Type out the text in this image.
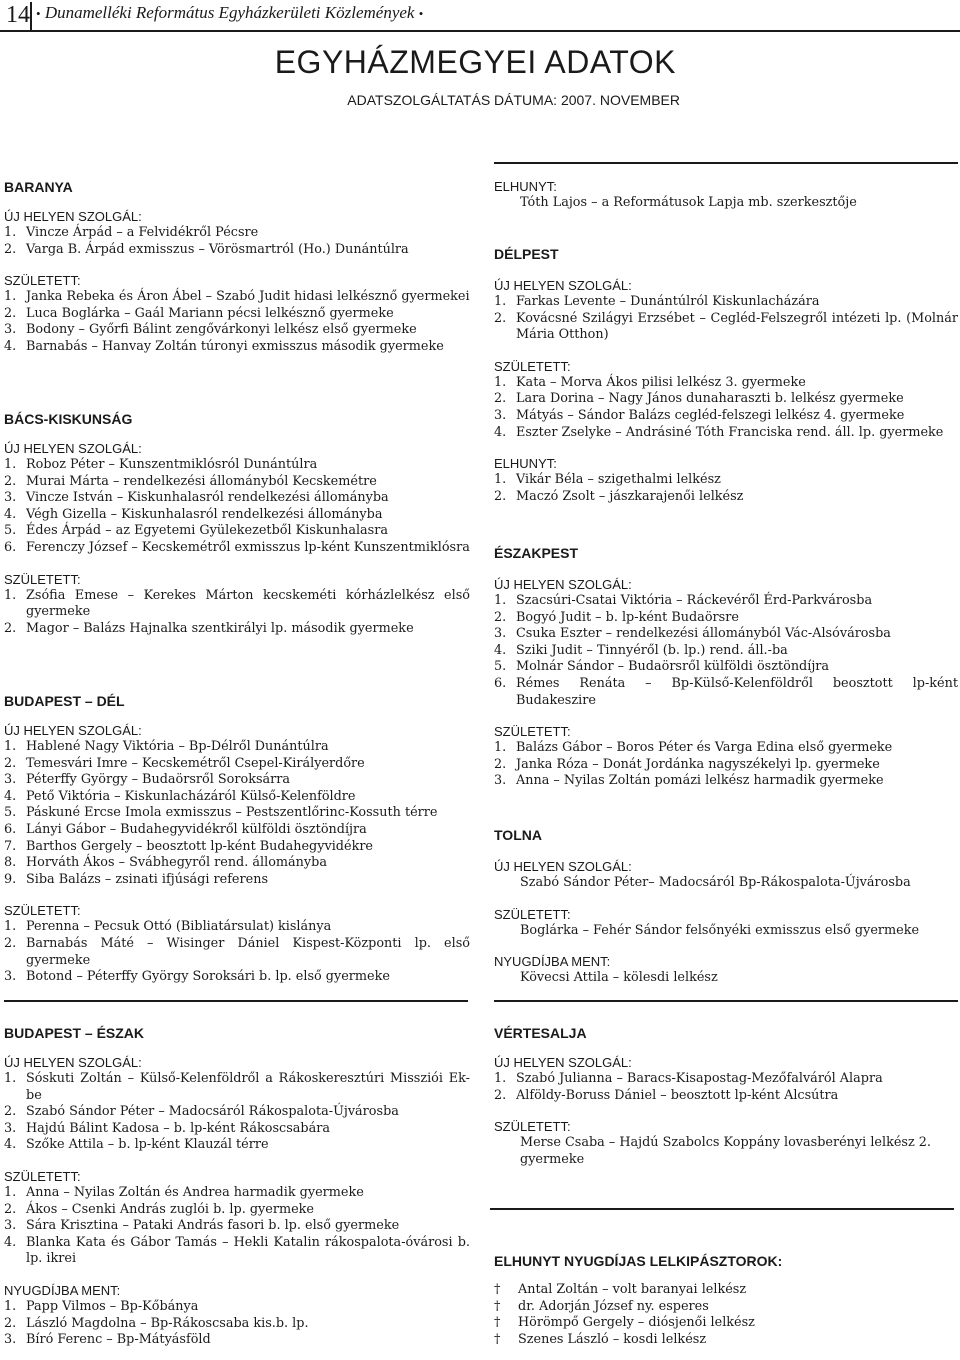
14 • Dunamelléki Református Egyházkerületi Közlemények •
EGYHÁZMEGYEI ADATOK
ADATSZOLGÁLTATÁS DÁTUMA: 2007. NOVEMBER
BARANYA
ÚJ HELYEN SZOLGÁL:
1. Vincze Árpád – a Felvidékről Pécsre
2. Varga B. Árpád exmisszus – Vörösmartról (Ho.) Dunántúlra
SZÜLETETT:
1. Janka Rebeka és Áron Ábel – Szabó Judit hidasi lelkésznő gyermekei
2. Luca Boglárka – Gaál Mariann pécsi lelkésznő gyermeke
3. Bodony – Győrfi Bálint zengővárkonyi lelkész első gyermeke
4. Barnabás – Hanvay Zoltán túronyi exmisszus második gyermeke
BÁCS-KISKUNSÁG
ÚJ HELYEN SZOLGÁL:
1. Roboz Péter – Kunszentmiklósról Dunántúlra
2. Murai Márta – rendelkezési állományból Kecskemétre
3. Vincze István – Kiskunhalasról rendelkezési állományba
4. Végh Gizella – Kiskunhalasról rendelkezési állományba
5. Édes Árpád – az Egyetemi Gyülekezetből Kiskunhalasra
6. Ferenczy József – Kecskemétről exmisszus lp-ként Kunszentmiklósra
SZÜLETETT:
1. Zsófia Emese – Kerekes Márton kecskeméti kórházlelkész első gyermeke
2. Magor – Balázs Hajnalka szentkirályi lp. második gyermeke
BUDAPEST – DÉL
ÚJ HELYEN SZOLGÁL:
1. Hablené Nagy Viktória – Bp-Délről Dunántúlra
2. Temesvári Imre – Kecskemétről Csepel-Királyerdőre
3. Péterffy György – Budaörsről Soroksárra
4. Pető Viktória – Kiskunlacházáról Külső-Kelenföldre
5. Páskuné Ercse Imola exmisszus – Pestszentlőrinc-Kossuth térre
6. Lányi Gábor – Budahegyvidékről külföldi ösztöndíjra
7. Barthos Gergely – beosztott lp-ként Budahegyvidékre
8. Horváth Ákos – Svábhegyről rend. állományba
9. Siba Balázs – zsinati ifjúsági referens
SZÜLETETT:
1. Perenna – Pecsuk Ottó (Bibliatársulat) kislánya
2. Barnabás Máté – Wisinger Dániel Kispest-Központi lp. első gyermeke
3. Botond – Péterffy György Soroksári b. lp. első gyermeke
BUDAPEST – ÉSZAK
ÚJ HELYEN SZOLGÁL:
1. Sóskuti Zoltán – Külső-Kelenföldről a Rákoskeresztúri Missziói Ek-be
2. Szabó Sándor Péter – Madocsáról Rákospalota-Újvárosba
3. Hajdú Bálint Kadosa – b. lp-ként Rákoscsabára
4. Szőke Attila – b. lp-ként Klauzál térre
SZÜLETETT:
1. Anna – Nyilas Zoltán és Andrea harmadik gyermeke
2. Ákos – Csenki András zuglói b. lp. gyermeke
3. Sára Krisztina – Pataki András fasori b. lp. első gyermeke
4. Blanka Kata és Gábor Tamás – Hekli Katalin rákospalota-óvárosi b. lp. ikrei
NYUGDÍJBA MENT:
1. Papp Vilmos – Bp-Kőbánya
2. László Magdolna – Bp-Rákoscsaba kis.b. lp.
3. Bíró Ferenc – Bp-Mátyásföld
ELHUNYT:
Tóth Lajos – a Reformátusok Lapja mb. szerkesztője
DÉLPEST
ÚJ HELYEN SZOLGÁL:
1. Farkas Levente – Dunántúlról Kiskunlacházára
2. Kovácsné Szilágyi Erzsébet – Cegléd-Felszegről intézeti lp. (Molnár Mária Otthon)
SZÜLETETT:
1. Kata – Morva Ákos pilisi lelkész 3. gyermeke
2. Lara Dorina – Nagy János dunaharaszti b. lelkész gyermeke
3. Mátyás – Sándor Balázs cegléd-felszegi lelkész 4. gyermeke
4. Eszter Zselyke – Andrásiné Tóth Franciska rend. áll. lp. gyermeke
ELHUNYT:
1. Vikár Béla – szigethalmi lelkész
2. Maczó Zsolt – jászkarajenői lelkész
ÉSZAKPEST
ÚJ HELYEN SZOLGÁL:
1. Szacsúri-Csatai Viktória – Ráckevéről Érd-Parkvárosba
2. Bogyó Judit – b. lp-ként Budaörsre
3. Csuka Eszter – rendelkezési állományból Vác-Alsóvárosba
4. Sziki Judit – Tinnyéről (b. lp.) rend. áll.-ba
5. Molnár Sándor – Budaörsről külföldi ösztöndíjra
6. Rémes Renáta – Bp-Külső-Kelenföldről beosztott lp-ként Budakeszire
SZÜLETETT:
1. Balázs Gábor – Boros Péter és Varga Edina első gyermeke
2. Janka Róza – Donát Jordánka nagyszékelyi lp. gyermeke
3. Anna – Nyilas Zoltán pomázi lelkész harmadik gyermeke
TOLNA
ÚJ HELYEN SZOLGÁL:
Szabó Sándor Péter– Madocsáról Bp-Rákospalota-Újvárosba
SZÜLETETT:
Boglárka – Fehér Sándor felsőnyéki exmisszus első gyermeke
NYUGDÍJBA MENT:
Kövecsi Attila – kölesdi lelkész
VÉRTESALJA
ÚJ HELYEN SZOLGÁL:
1. Szabó Julianna – Baracs-Kisapostag-Mezőfalváról Alapra
2. Alföldy-Boruss Dániel – beosztott lp-ként Alcsútra
SZÜLETETT:
Merse Csaba – Hajdú Szabolcs Koppány lovasberényi lelkész 2.
gyermeke
ELHUNYT NYUGDÍJAS LELKIPÁSZTOROK:
†	Antal Zoltán – volt baranyai lelkész
†	dr. Adorján József ny. esperes
†	Hörömpő Gergely – diósjenői lelkész
†	Szenes László – kosdi lelkész
